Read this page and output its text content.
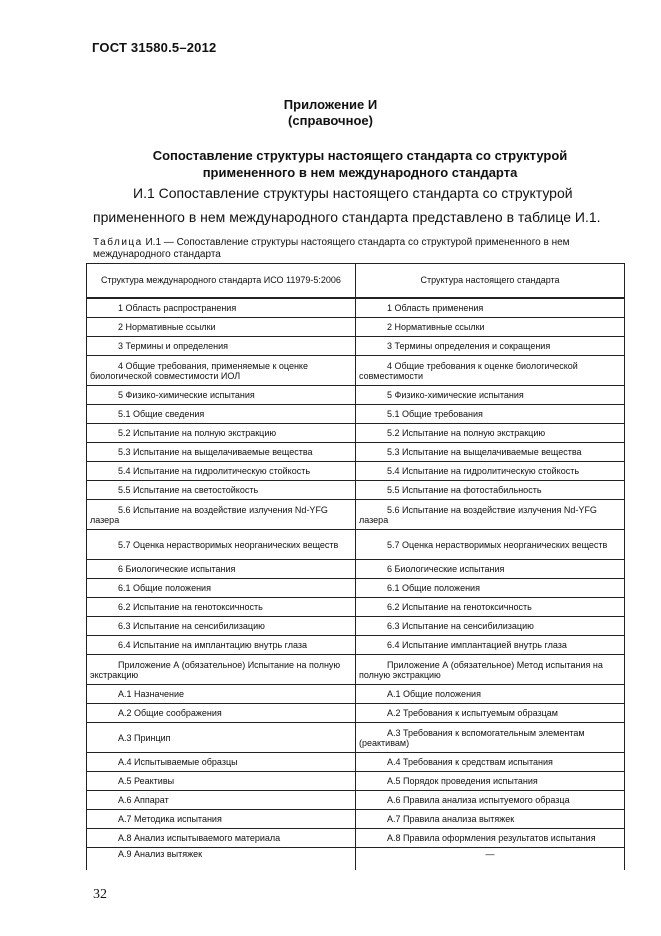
ГОСТ 31580.5–2012
Приложение И
(справочное)
Сопоставление структуры настоящего стандарта со структурой
примененного в нем международного стандарта
И.1 Сопоставление структуры настоящего стандарта со структурой
примененного в нем международного стандарта представлено в таблице И.1.
Таблица И.1 — Сопоставление структуры настоящего стандарта со структурой примененного в нем международного стандарта
Структура международного стандарта ИСО 11979-5:2006	Структура настоящего стандарта
1 Область распространения	1 Область применения
2 Нормативные ссылки	2 Нормативные ссылки
3 Термины и определения	3 Термины определения и сокращения
4 Общие требования, применяемые к оценке биологической совместимости ИОЛ	4 Общие требования к оценке биологической совместимости
5 Физико-химические испытания	5 Физико-химические испытания
5.1 Общие сведения	5.1 Общие требования
5.2 Испытание на полную экстракцию	5.2 Испытание на полную экстракцию
5.3 Испытание на выщелачиваемые вещества	5.3 Испытание на выщелачиваемые вещества
5.4 Испытание на гидролитическую стойкость	5.4 Испытание на гидролитическую стойкость
5.5 Испытание на светостойкость	5.5 Испытание на фотостабильность
5.6 Испытание на воздействие излучения Nd-YFG лазера	5.6 Испытание на воздействие излучения Nd-YFG лазера
5.7 Оценка нерастворимых неорганических веществ	5.7 Оценка нерастворимых неорганических веществ
6 Биологические испытания	6 Биологические испытания
6.1 Общие положения	6.1 Общие положения
6.2 Испытание на генотоксичность	6.2 Испытание на генотоксичность
6.3 Испытание на сенсибилизацию	6.3 Испытание на сенсибилизацию
6.4 Испытание на имплантацию внутрь глаза	6.4 Испытание имплантацией внутрь глаза
Приложение А (обязательное) Испытание на полную экстракцию	Приложение А (обязательное) Метод испытания на полную экстракцию
А.1 Назначение	А.1 Общие положения
А.2 Общие соображения	А.2 Требования к испытуемым образцам
А.3 Принцип	А.3 Требования к вспомогательным элементам (реактивам)
А.4 Испытываемые образцы	А.4 Требования к средствам испытания
А.5 Реактивы	А.5 Порядок проведения испытания
А.6 Аппарат	А.6 Правила анализа испытуемого образца
А.7 Методика испытания	А.7 Правила анализа вытяжек
А.8 Анализ испытываемого материала	А.8 Правила оформления результатов испытания
А.9 Анализ вытяжек	—
32
